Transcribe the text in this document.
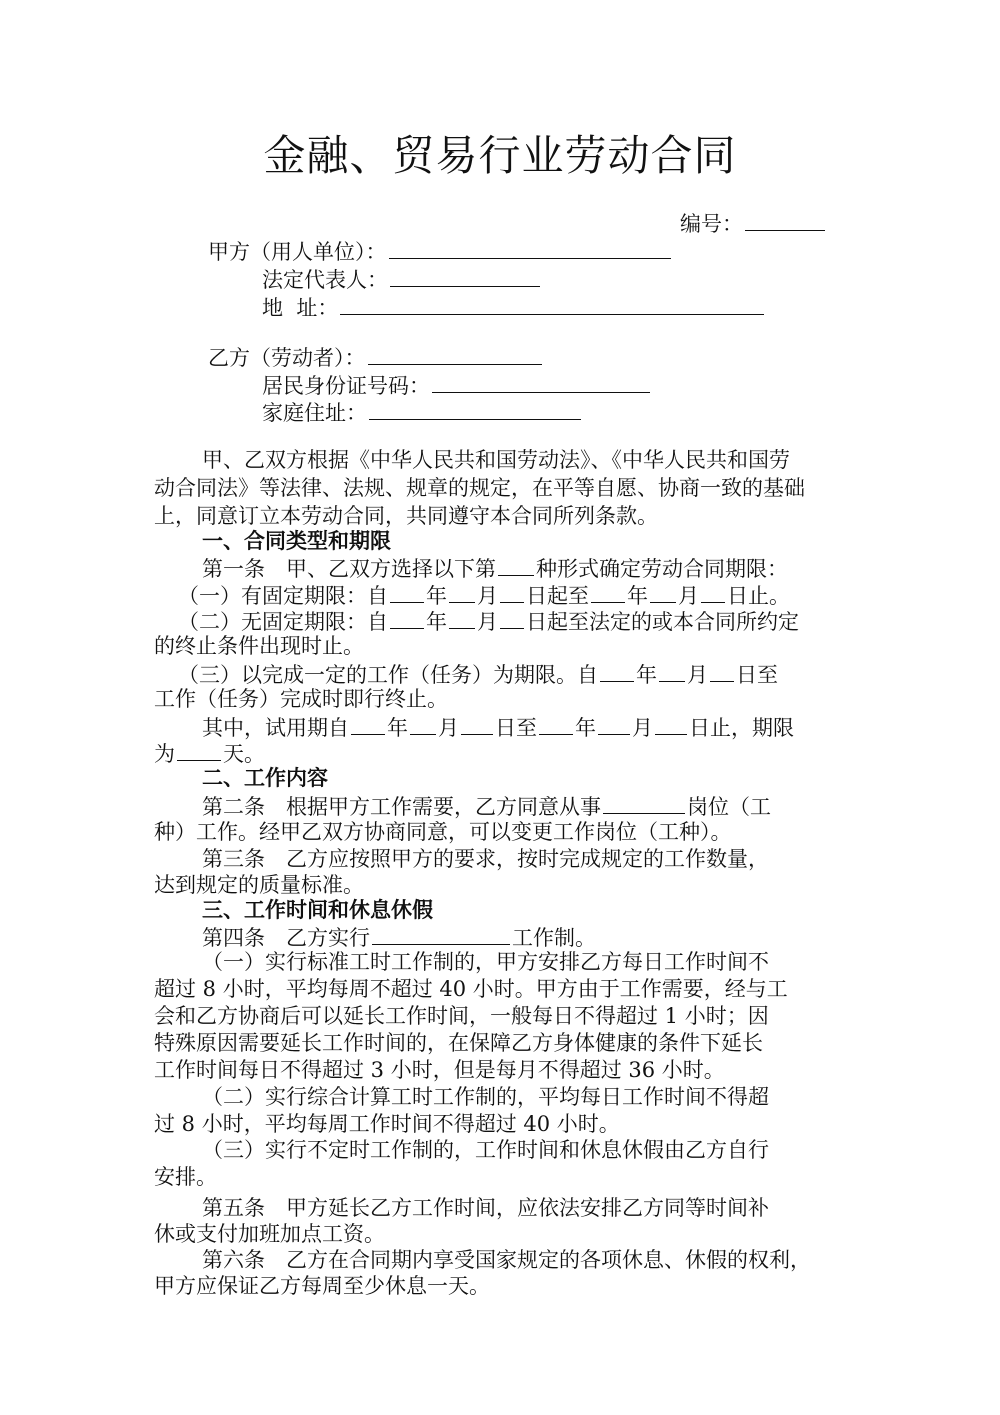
金融、贸易行业劳动合同
编号：
甲方（用人单位）：
法定代表人：
地  址：
乙方（劳动者）：
居民身份证号码：
家庭住址：
甲、乙双方根据《中华人民共和国劳动法》、《中华人民共和国劳
动合同法》等法律、法规、规章的规定，在平等自愿、协商一致的基础
上，同意订立本劳动合同，共同遵守本合同所列条款。
一、合同类型和期限
第一条　甲、乙双方选择以下第 种形式确定劳动合同期限：
（一）有固定期限：自 年 月 日起至 年 月 日止。
（二）无固定期限：自 年 月 日起至法定的或本合同所约定
的终止条件出现时止。
（三）以完成一定的工作（任务）为期限。自 年 月 日至
工作（任务）完成时即行终止。
其中，试用期自 年 月 日至 年 月 日止，期限
为 天。
二、工作内容
第二条　根据甲方工作需要，乙方同意从事	岗位（工
种）工作。经甲乙双方协商同意，可以变更工作岗位（工种）。
第三条　乙方应按照甲方的要求，按时完成规定的工作数量，
达到规定的质量标准。
三、工作时间和休息休假
第四条　乙方实行	工作制。
（一）实行标准工时工作制的，甲方安排乙方每日工作时间不
超过 8 小时，平均每周不超过 40 小时。甲方由于工作需要，经与工
会和乙方协商后可以延长工作时间，一般每日不得超过 1 小时；因
特殊原因需要延长工作时间的，在保障乙方身体健康的条件下延长
工作时间每日不得超过 3 小时，但是每月不得超过 36 小时。
（二）实行综合计算工时工作制的，平均每日工作时间不得超
过 8 小时，平均每周工作时间不得超过 40 小时。
（三）实行不定时工作制的，工作时间和休息休假由乙方自行
安排。
第五条　甲方延长乙方工作时间，应依法安排乙方同等时间补
休或支付加班加点工资。
第六条　乙方在合同期内享受国家规定的各项休息、休假的权利，
甲方应保证乙方每周至少休息一天。
